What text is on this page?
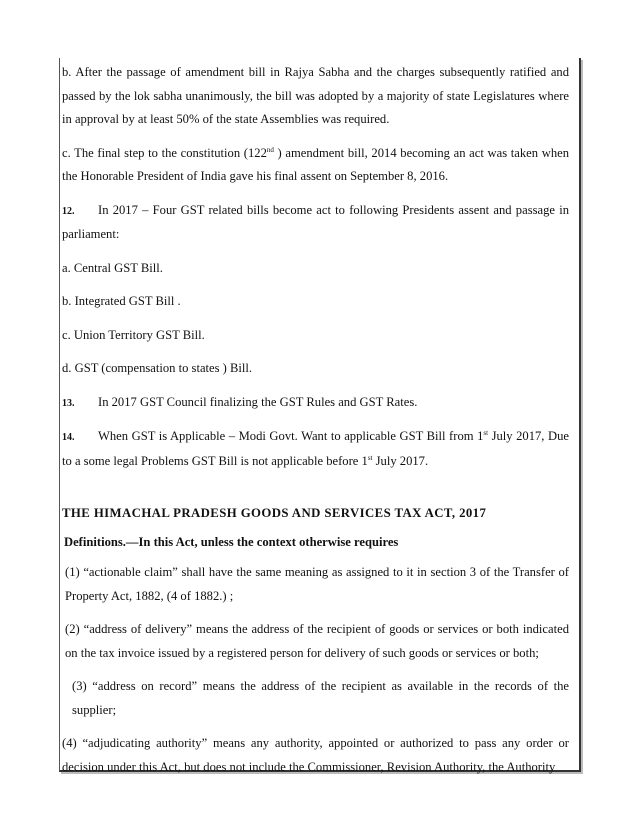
b. After the passage of amendment bill in Rajya Sabha and the charges subsequently ratified and passed by the lok sabha unanimously, the bill was adopted by a majority of state Legislatures where in approval by at least 50% of the state Assemblies was required.

c. The final step to the constitution (122nd ) amendment bill, 2014 becoming an act was taken when the Honorable President of India gave his final assent on September 8, 2016.

12. In 2017 – Four GST related bills become act to following Presidents assent and passage in parliament:

a. Central GST Bill.

b. Integrated GST Bill .

c. Union Territory GST Bill.

d. GST (compensation to states ) Bill.

13. In 2017 GST Council finalizing the GST Rules and GST Rates.

14. When GST is Applicable – Modi Govt. Want to applicable GST Bill from 1st July 2017, Due to a some legal Problems GST Bill is not applicable before 1st July 2017.

THE HIMACHAL PRADESH GOODS AND SERVICES TAX ACT, 2017
Definitions.—In this Act, unless the context otherwise requires

(1) “actionable claim” shall have the same meaning as assigned to it in section 3 of the Transfer of Property Act, 1882, (4 of 1882.) ;

(2) “address of delivery” means the address of the recipient of goods or services or both indicated on the tax invoice issued by a registered person for delivery of such goods or services or both;

(3) “address on record” means the address of the recipient as available in the records of the supplier;

(4) “adjudicating authority” means any authority, appointed or authorized to pass any order or decision under this Act, but does not include the Commissioner, Revision Authority, the Authority
